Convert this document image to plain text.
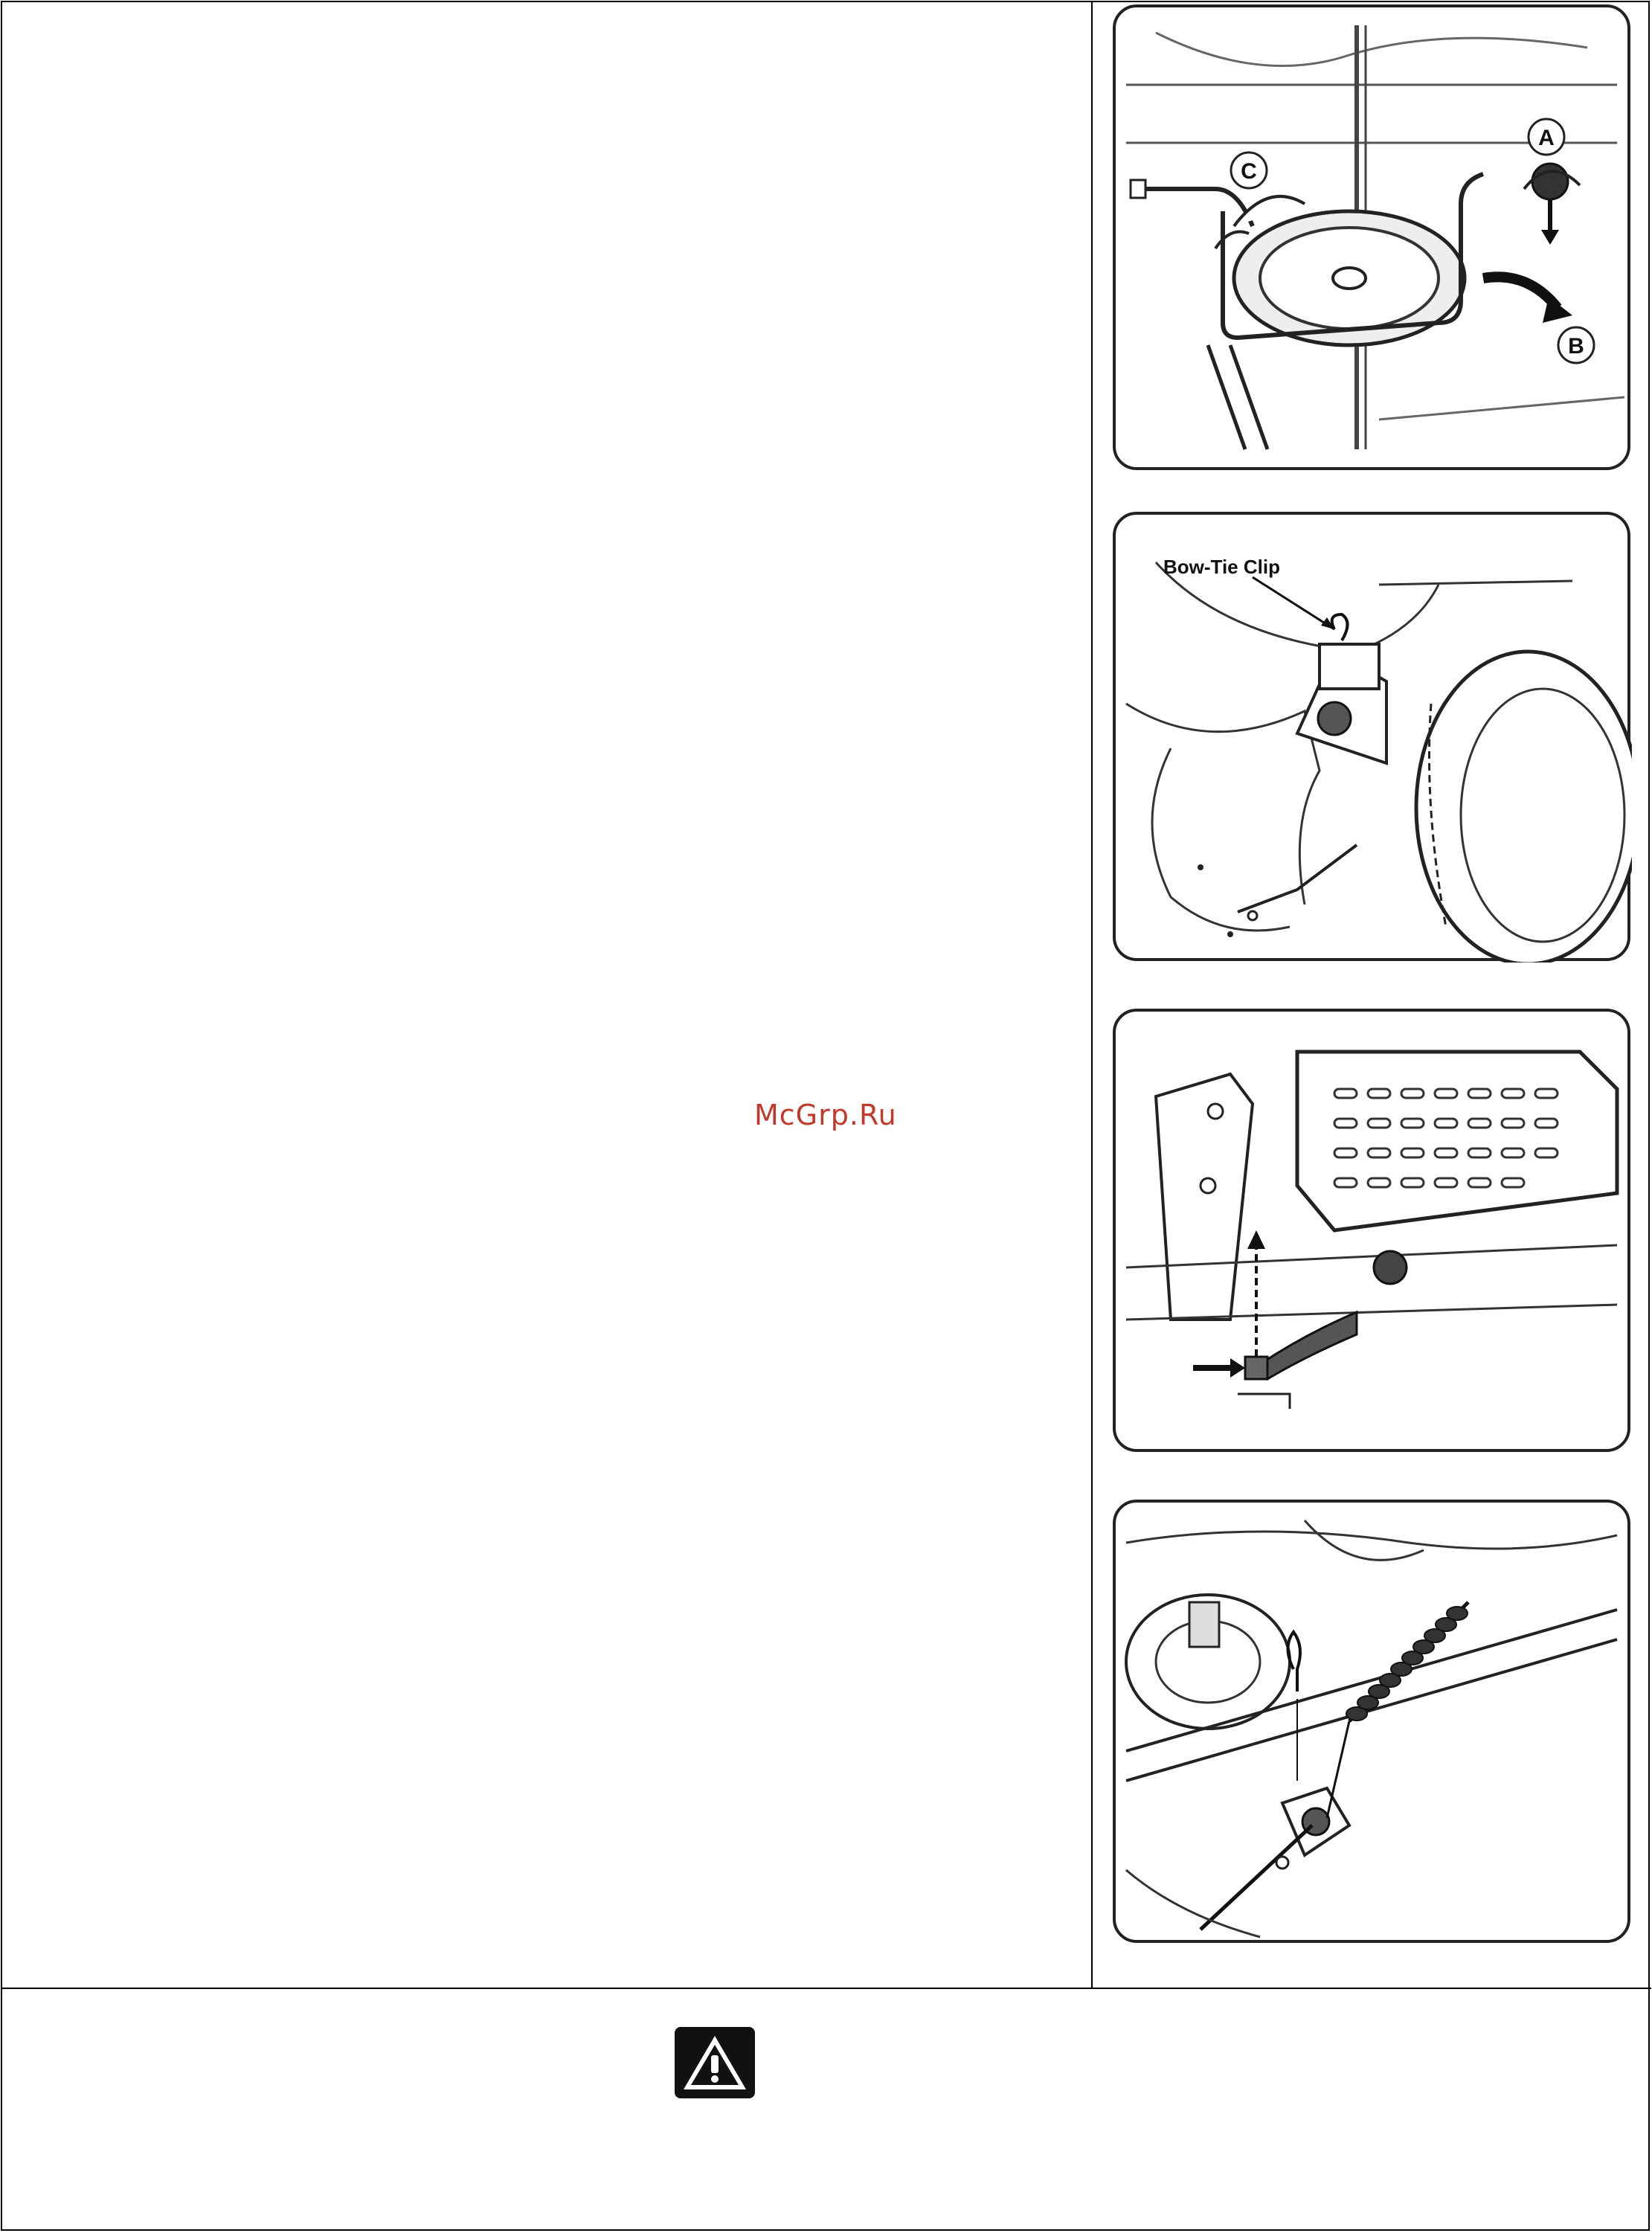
McGrp.Ru
A
B
C
Bow-Tie Clip
